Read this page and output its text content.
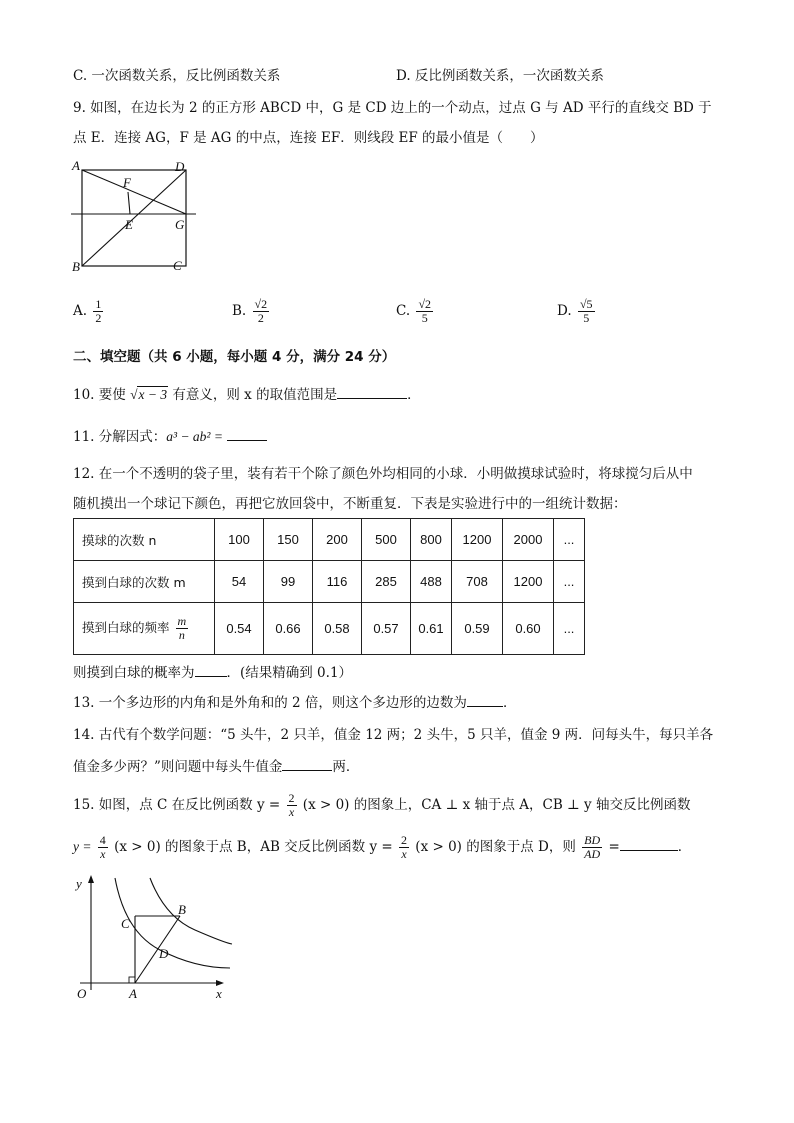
C. 一次函数关系，反比例函数关系	D. 反比例函数关系，一次函数关系
9. 如图，在边长为 2 的正方形 ABCD 中，G 是 CD 边上的一个动点，过点 G 与 AD 平行的直线交 BD 于
点 E．连接 AG，F 是 AG 的中点，连接 EF．则线段 EF 的最小值是（　　）
A	D
F
E	G
B	C
A. $\frac{1}{2}$	B. $\frac{√2}{2}$	C. $\frac{√2}{5}$	D. $\frac{√5}{5}$
二、填空题（共 6 小题，每小题 4 分，满分 24 分）
10. 要使 √x − 3 有意义，则 x 的取值范围是	．
11. 分解因式：a³ − ab² =
12. 在一个不透明的袋子里，装有若干个除了颜色外均相同的小球．小明做摸球试验时，将球搅匀后从中
随机摸出一个球记下颜色，再把它放回袋中，不断重复．下表是实验进行中的一组统计数据：
摸球的次数 n	100	150	200	500	800	1200	2000	...
摸到白球的次数 m	54	99	116	285	488	708	1200	...
摸到白球的频率 $\frac{m}{n}$	0.54	0.66	0.58	0.57	0.61	0.59	0.60	...
则摸到白球的概率为 ．(结果精确到 0.1）
13. 一个多边形的内角和是外角和的 2 倍，则这个多边形的边数为	．
14. 古代有个数学问题：“5 头牛，2 只羊，值金 12 两；2 头牛，5 只羊，值金 9 两．问每头牛，每只羊各
值金多少两？”则问题中每头牛值金	两．
15. 如图，点 C 在反比例函数 $y = \frac{2}{x} (x > 0)$ 的图象上，CA ⊥ x 轴于点 A，CB ⊥ y 轴交反比例函数
$y = \frac{4}{x} (x > 0)$ 的图象于点 B，AB 交反比例函数 $y = \frac{2}{x} (x > 0)$ 的图象于点 D，则 $\frac{BD}{AD}$ =	．
y
x
O	A
B
C
D
